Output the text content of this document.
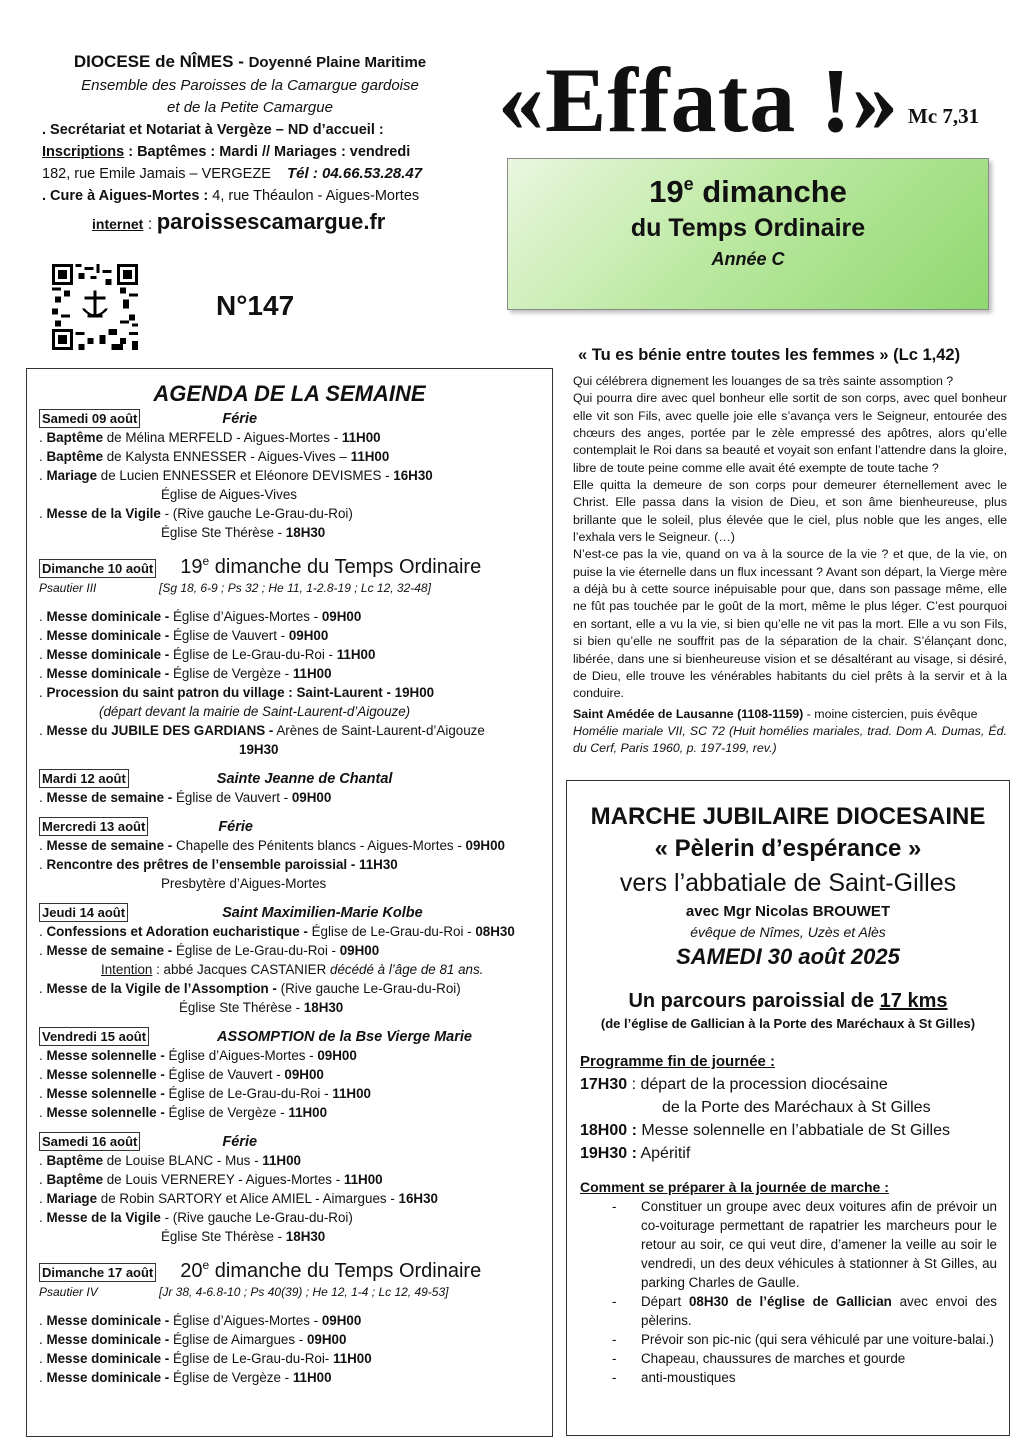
DIOCESE de NÎMES - Doyenné Plaine Maritime
Ensemble des Paroisses de la Camargue gardoise
et de la Petite Camargue
. Secrétariat et Notariat à Vergèze – ND d’accueil :
Inscriptions : Baptêmes : Mardi // Mariages : vendredi
182, rue Emile Jamais – VERGEZE Tél : 04.66.53.28.47
. Cure à Aigues-Mortes : 4, rue Théaulon - Aigues-Mortes
internet : paroissescamargue.fr
N°147
«Effata !» Mc 7,31
19e dimanche
du Temps Ordinaire
Année C
« Tu es bénie entre toutes les femmes » (Lc 1,42)

Qui célébrera dignement les louanges de sa très sainte assomption ?

Qui pourra dire avec quel bonheur elle sortit de son corps, avec quel bonheur elle vit son Fils, avec quelle joie elle s’avança vers le Seigneur, entourée des chœurs des anges, portée par le zèle empressé des apôtres, alors qu’elle contemplait le Roi dans sa beauté et voyait son enfant l’attendre dans la gloire, libre de toute peine comme elle avait été exempte de toute tache ?

Elle quitta la demeure de son corps pour demeurer éternellement avec le Christ. Elle passa dans la vision de Dieu, et son âme bienheureuse, plus brillante que le soleil, plus élevée que le ciel, plus noble que les anges, elle l’exhala vers le Seigneur. (…)

N’est-ce pas la vie, quand on va à la source de la vie ? et que, de la vie, on puise la vie éternelle dans un flux incessant ? Avant son départ, la Vierge mère a déjà bu à cette source inépuisable pour que, dans son passage même, elle ne fût pas touchée par le goût de la mort, même le plus léger. C’est pourquoi en sortant, elle a vu la vie, si bien qu’elle ne vit pas la mort. Elle a vu son Fils, si bien qu’elle ne souffrit pas de la séparation de la chair. S’élançant donc, libérée, dans une si bienheureuse vision et se désaltérant au visage, si désiré, de Dieu, elle trouve les vénérables habitants du ciel prêts à la servir et à la conduire.

Saint Amédée de Lausanne (1108-1159) - moine cistercien, puis évêque

Homélie mariale VII, SC 72 (Huit homélies mariales, trad. Dom A. Dumas, Éd. du Cerf, Paris 1960, p. 197-199, rev.)

AGENDA DE LA SEMAINE
Samedi 09 août	Férie
. Baptême de Mélina MERFELD - Aigues-Mortes - 11H00
. Baptême de Kalysta ENNESSER - Aigues-Vives – 11H00
. Mariage de Lucien ENNESSER et Eléonore DEVISMES - 16H30
Église de Aigues-Vives
. Messe de la Vigile - (Rive gauche Le-Grau-du-Roi)
Église Ste Thérèse - 18H30
Dimanche 10 août 19e dimanche du Temps Ordinaire
Psautier III	[Sg 18, 6-9 ; Ps 32 ; He 11, 1-2.8-19 ; Lc 12, 32-48]
. Messe dominicale - Église d’Aigues-Mortes - 09H00
. Messe dominicale - Église de Vauvert - 09H00
. Messe dominicale - Église de Le-Grau-du-Roi - 11H00
. Messe dominicale - Église de Vergèze - 11H00
. Procession du saint patron du village : Saint-Laurent - 19H00
(départ devant la mairie de Saint-Laurent-d’Aigouze)
. Messe du JUBILE DES GARDIANS - Arènes de Saint-Laurent-d’Aigouze
19H30
Mardi 12 août	Sainte Jeanne de Chantal
. Messe de semaine - Église de Vauvert - 09H00
Mercredi 13 août	Férie
. Messe de semaine - Chapelle des Pénitents blancs - Aigues-Mortes - 09H00
. Rencontre des prêtres de l’ensemble paroissial - 11H30
Presbytère d’Aigues-Mortes
Jeudi 14 août	Saint Maximilien-Marie Kolbe
. Confessions et Adoration eucharistique - Église de Le-Grau-du-Roi - 08H30
. Messe de semaine - Église de Le-Grau-du-Roi - 09H00
Intention : abbé Jacques CASTANIER décédé à l’âge de 81 ans.
. Messe de la Vigile de l’Assomption - (Rive gauche Le-Grau-du-Roi)
Église Ste Thérèse - 18H30
Vendredi 15 août	ASSOMPTION de la Bse Vierge Marie
. Messe solennelle - Église d’Aigues-Mortes - 09H00
. Messe solennelle - Église de Vauvert - 09H00
. Messe solennelle - Église de Le-Grau-du-Roi - 11H00
. Messe solennelle - Église de Vergèze - 11H00
Samedi 16 août	Férie
. Baptême de Louise BLANC - Mus - 11H00
. Baptême de Louis VERNEREY - Aigues-Mortes - 11H00
. Mariage de Robin SARTORY et Alice AMIEL - Aimargues - 16H30
. Messe de la Vigile - (Rive gauche Le-Grau-du-Roi)
Église Ste Thérèse - 18H30
Dimanche 17 août 20e dimanche du Temps Ordinaire
Psautier IV	[Jr 38, 4-6.8-10 ; Ps 40(39) ; He 12, 1-4 ; Lc 12, 49-53]
. Messe dominicale - Église d’Aigues-Mortes - 09H00
. Messe dominicale - Église de Aimargues - 09H00
. Messe dominicale - Église de Le-Grau-du-Roi- 11H00
. Messe dominicale - Église de Vergèze - 11H00
MARCHE JUBILAIRE DIOCESAINE
« Pèlerin d’espérance »
vers l’abbatiale de Saint-Gilles
avec Mgr Nicolas BROUWET
évêque de Nîmes, Uzès et Alès
SAMEDI 30 août 2025
Un parcours paroissial de 17 kms
(de l’église de Gallician à la Porte des Maréchaux à St Gilles)
Programme fin de journée :
17H30 : départ de la procession diocésaine
de la Porte des Maréchaux à St Gilles
18H00 : Messe solennelle en l’abbatiale de St Gilles
19H30 : Apéritif
Comment se préparer à la journée de marche :
-	Constituer un groupe avec deux voitures afin de prévoir un co-voiturage permettant de rapatrier les marcheurs pour le retour au soir, ce qui veut dire, d’amener la veille au soir le vendredi, un des deux véhicules à stationner à St Gilles, au parking Charles de Gaulle.
-	Départ 08H30 de l’église de Gallician avec envoi des pèlerins.
-	Prévoir son pic-nic (qui sera véhiculé par une voiture-balai.)
-	Chapeau, chaussures de marches et gourde
-	anti-moustiques
